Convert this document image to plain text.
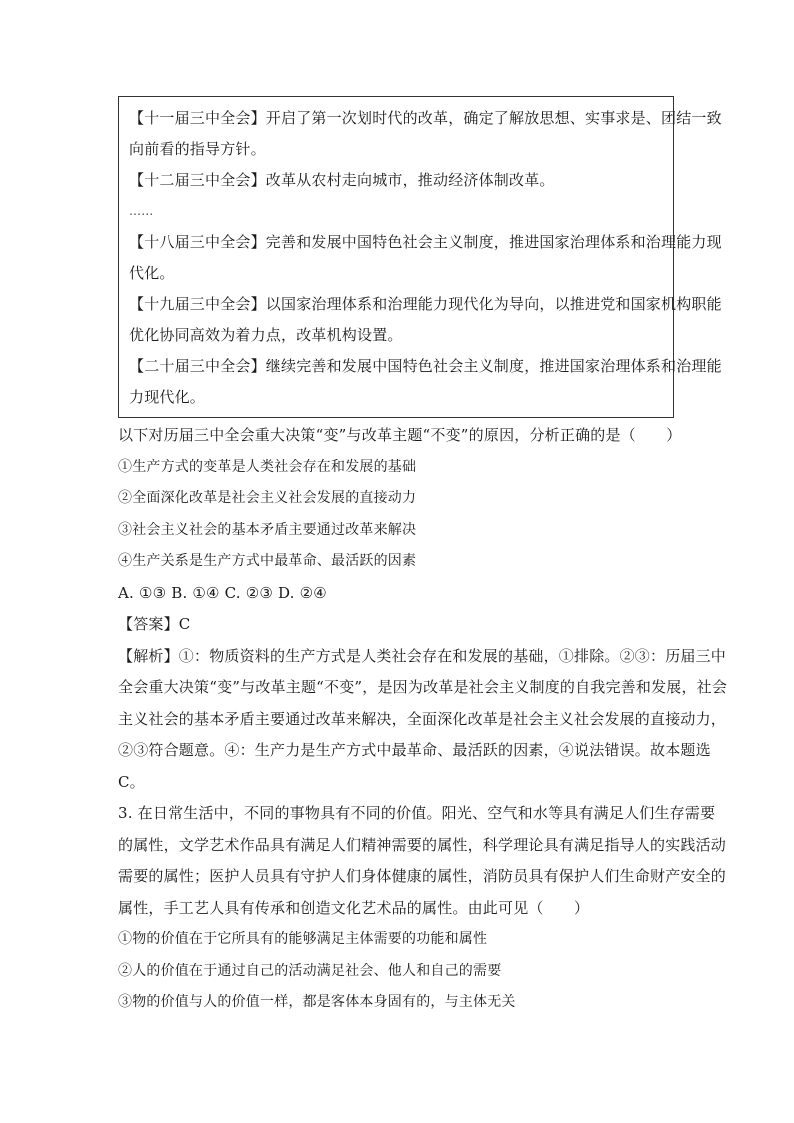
【十一届三中全会】开启了第一次划时代的改革，确定了解放思想、实事求是、团结一致
向前看的指导方针。
【十二届三中全会】改革从农村走向城市，推动经济体制改革。
……
【十八届三中全会】完善和发展中国特色社会主义制度，推进国家治理体系和治理能力现
代化。
【十九届三中全会】以国家治理体系和治理能力现代化为导向，以推进党和国家机构职能
优化协同高效为着力点，改革机构设置。
【二十届三中全会】继续完善和发展中国特色社会主义制度，推进国家治理体系和治理能
力现代化。
以下对历届三中全会重大决策“变”与改革主题“不变”的原因，分析正确的是（　　）
①生产方式的变革是人类社会存在和发展的基础
②全面深化改革是社会主义社会发展的直接动力
③社会主义社会的基本矛盾主要通过改革来解决
④生产关系是生产方式中最革命、最活跃的因素
A. ①③ B. ①④ C. ②③ D. ②④
【答案】C
【解析】①：物质资料的生产方式是人类社会存在和发展的基础，①排除。②③：历届三中
全会重大决策“变”与改革主题“不变”，是因为改革是社会主义制度的自我完善和发展，社会
主义社会的基本矛盾主要通过改革来解决，全面深化改革是社会主义社会发展的直接动力，
②③符合题意。④：生产力是生产方式中最革命、最活跃的因素，④说法错误。故本题选
C。
3. 在日常生活中，不同的事物具有不同的价值。阳光、空气和水等具有满足人们生存需要
的属性，文学艺术作品具有满足人们精神需要的属性，科学理论具有满足指导人的实践活动
需要的属性；医护人员具有守护人们身体健康的属性，消防员具有保护人们生命财产安全的
属性，手工艺人具有传承和创造文化艺术品的属性。由此可见（　　）
①物的价值在于它所具有的能够满足主体需要的功能和属性
②人的价值在于通过自己的活动满足社会、他人和自己的需要
③物的价值与人的价值一样，都是客体本身固有的，与主体无关
